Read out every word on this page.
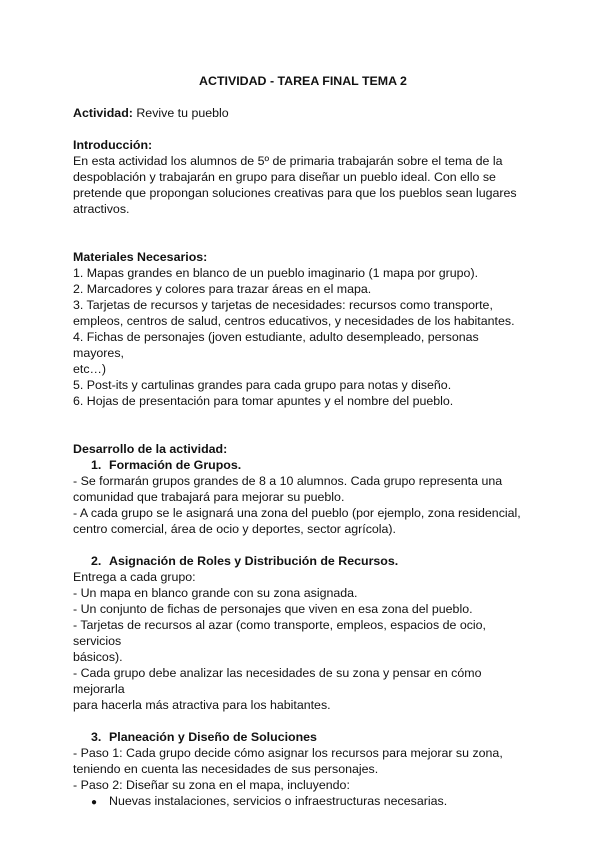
ACTIVIDAD - TAREA FINAL TEMA 2

Actividad: Revive tu pueblo

Introducción:

En esta actividad los alumnos de 5º de primaria trabajarán sobre el tema de la

despoblación y trabajarán en grupo para diseñar un pueblo ideal. Con ello se

pretende que propongan soluciones creativas para que los pueblos sean lugares

atractivos.

Materiales Necesarios:

1. Mapas grandes en blanco de un pueblo imaginario (1 mapa por grupo).

2. Marcadores y colores para trazar áreas en el mapa.

3. Tarjetas de recursos y tarjetas de necesidades: recursos como transporte,

empleos, centros de salud, centros educativos, y necesidades de los habitantes.

4. Fichas de personajes (joven estudiante, adulto desempleado, personas mayores,

etc…)

5. Post-its y cartulinas grandes para cada grupo para notas y diseño.

6. Hojas de presentación para tomar apuntes y el nombre del pueblo.

Desarrollo de la actividad:

1. Formación de Grupos.

- Se formarán grupos grandes de 8 a 10 alumnos. Cada grupo representa una

comunidad que trabajará para mejorar su pueblo.

- A cada grupo se le asignará una zona del pueblo (por ejemplo, zona residencial,

centro comercial, área de ocio y deportes, sector agrícola).

2. Asignación de Roles y Distribución de Recursos.

Entrega a cada grupo:

- Un mapa en blanco grande con su zona asignada.

- Un conjunto de fichas de personajes que viven en esa zona del pueblo.

- Tarjetas de recursos al azar (como transporte, empleos, espacios de ocio, servicios

básicos).

- Cada grupo debe analizar las necesidades de su zona y pensar en cómo mejorarla

para hacerla más atractiva para los habitantes.

3. Planeación y Diseño de Soluciones

- Paso 1: Cada grupo decide cómo asignar los recursos para mejorar su zona,

teniendo en cuenta las necesidades de sus personajes.

- Paso 2: Diseñar su zona en el mapa, incluyendo:

● Nuevas instalaciones, servicios o infraestructuras necesarias.
